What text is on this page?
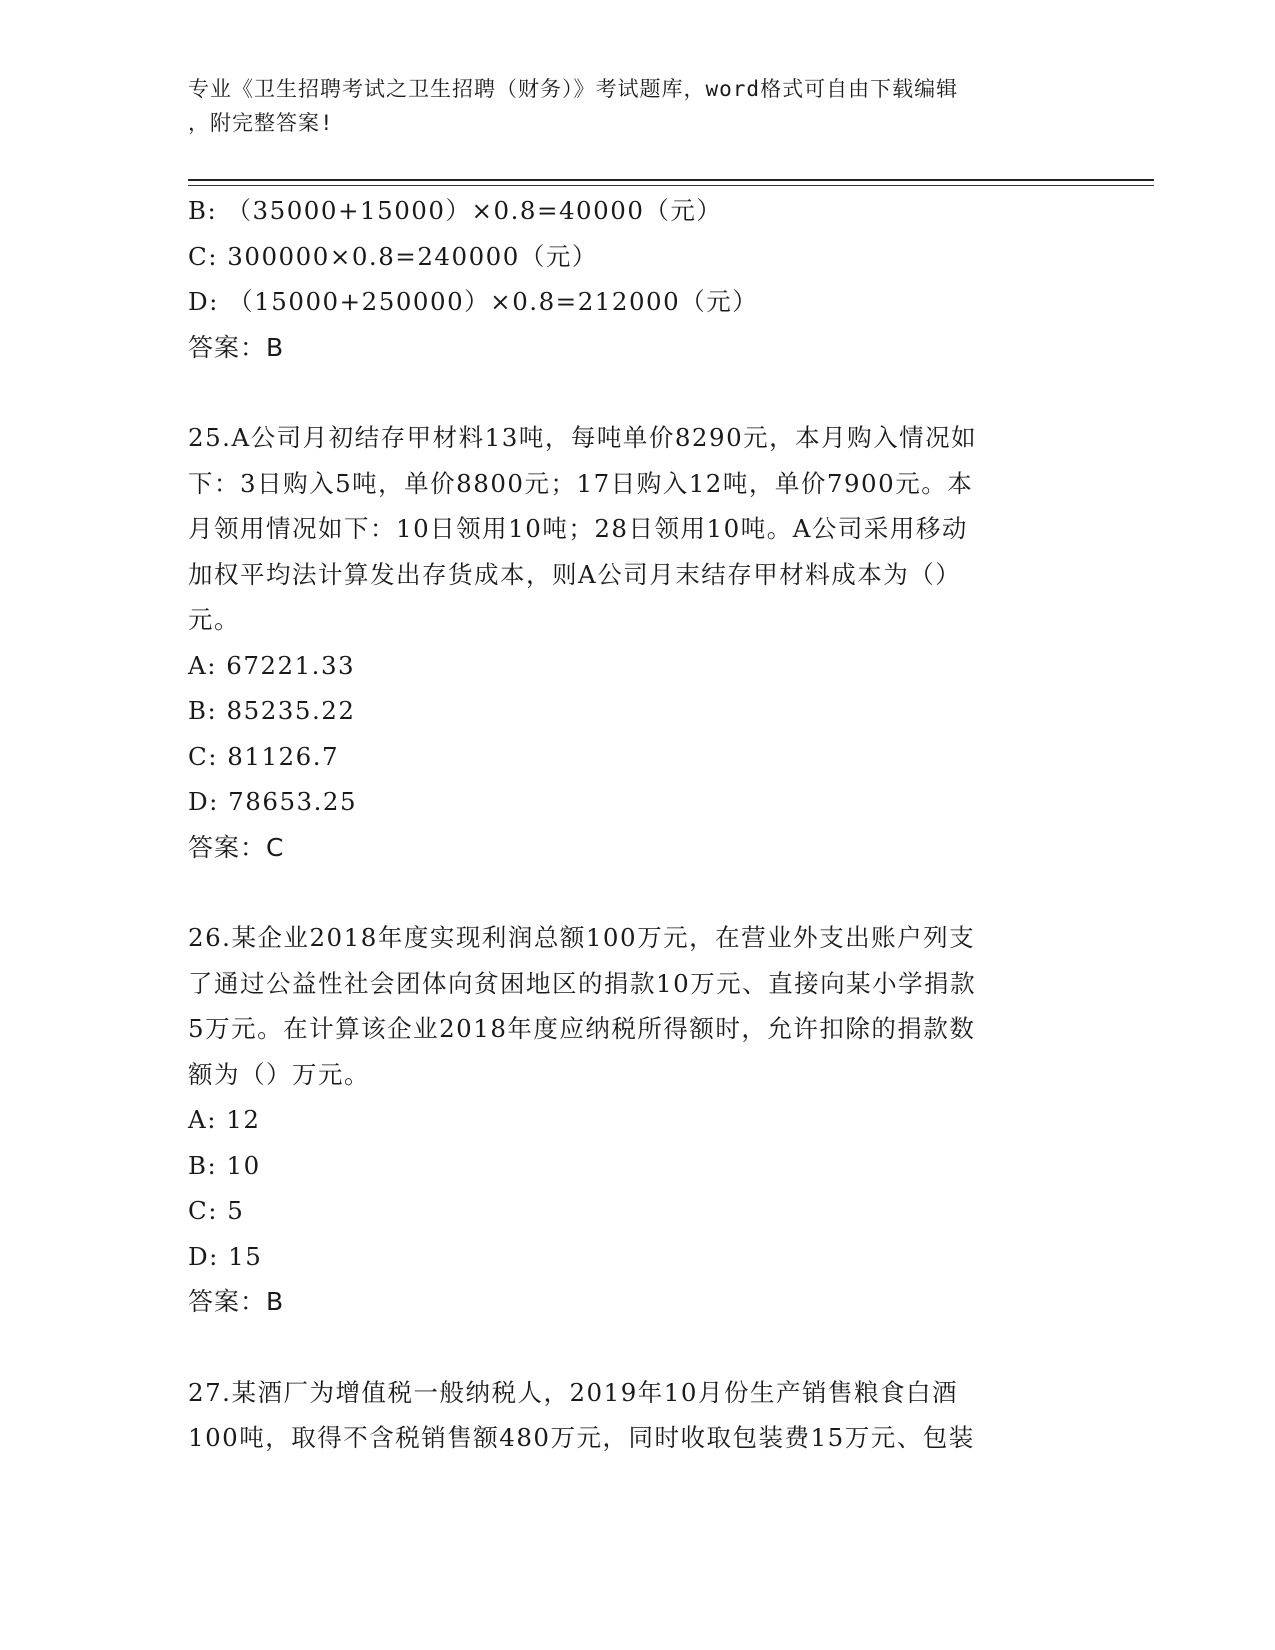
专业《卫生招聘考试之卫生招聘（财务）》考试题库，word格式可自由下载编辑
，附完整答案!
B: （35000+15000）×0.8=40000（元）
C: 300000×0.8=240000（元）
D: （15000+250000）×0.8=212000（元）
答案：B
25.A公司月初结存甲材料13吨，每吨单价8290元，本月购入情况如
下：3日购入5吨，单价8800元；17日购入12吨，单价7900元。本
月领用情况如下：10日领用10吨；28日领用10吨。A公司采用移动
加权平均法计算发出存货成本，则A公司月末结存甲材料成本为（）
元。
A: 67221.33
B: 85235.22
C: 81126.7
D: 78653.25
答案：C
26.某企业2018年度实现利润总额100万元，在营业外支出账户列支
了通过公益性社会团体向贫困地区的捐款10万元、直接向某小学捐款
5万元。在计算该企业2018年度应纳税所得额时，允许扣除的捐款数
额为（）万元。
A: 12
B: 10
C: 5
D: 15
答案：B
27.某酒厂为增值税一般纳税人，2019年10月份生产销售粮食白酒
100吨，取得不含税销售额480万元，同时收取包装费15万元、包装
